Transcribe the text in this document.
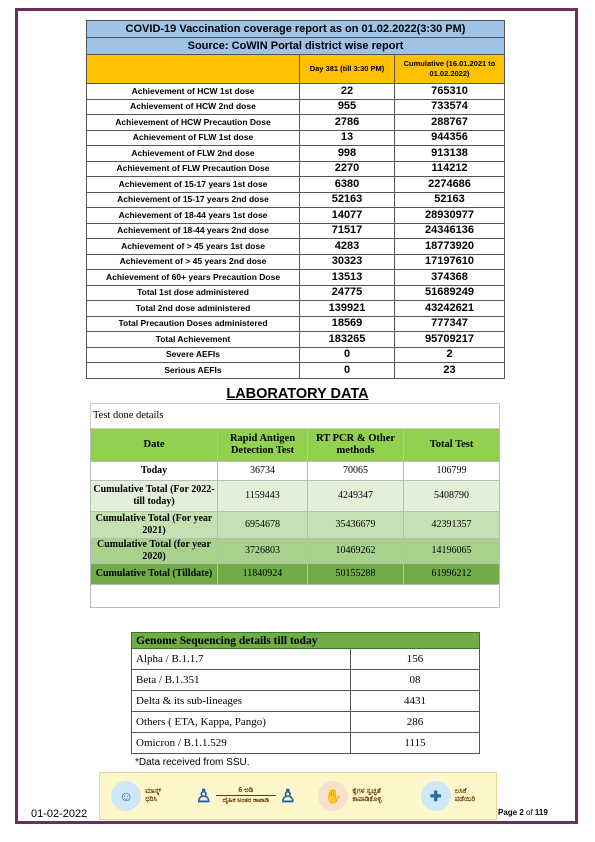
COVID-19 Vaccination coverage report as on 01.02.2022(3:30 PM)		
Source: CoWIN Portal district wise report		
	Day 381 (till 3:30 PM)	Cumulative (16.01.2021 to 01.02.2022)
Achievement of HCW 1st dose	22	765310
Achievement of HCW 2nd dose	955	733574
Achievement of HCW Precaution Dose	2786	288767
Achievement of FLW 1st dose	13	944356
Achievement of FLW 2nd dose	998	913138
Achievement of FLW Precaution Dose	2270	114212
Achievement of 15-17 years 1st dose	6380	2274686
Achievement of 15-17 years 2nd dose	52163	52163
Achievement of 18-44 years 1st dose	14077	28930977
Achievement of 18-44 years 2nd dose	71517	24346136
Achievement of > 45 years 1st dose	4283	18773920
Achievement of > 45 years 2nd dose	30323	17197610
Achievement of 60+ years Precaution Dose	13513	374368
Total 1st dose administered	24775	51689249
Total 2nd dose administered	139921	43242621
Total Precaution Doses administered	18569	777347
Total Achievement	183265	95709217
Severe AEFIs	0	2
Serious AEFIs	0	23
LABORATORY DATA
Test done details			
Date	Rapid Antigen Detection Test	RT PCR & Other methods	Total Test
Today	36734	70065	106799
Cumulative Total (For 2022- till today)	1159443	4249347	5408790
Cumulative Total (For year 2021)	6954678	35436679	42391357
Cumulative Total (for year 2020)	3726803	10469262	14196065
Cumulative Total (Tilldate)	11840924	50155288	61996212

Genome Sequencing details till today	
Alpha / B.1.1.7	156
Beta / B.1.351	08
Delta & its sub-lineages	4431
Others ( ETA, Kappa, Pango)	286
Omicron / B.1.1.529	1115
*Data received from SSU.
☺	ಮಾಸ್ಕ್ ಧರಿಸಿ	♙	6 ಅಡಿ
ದೈಹಿಕ ಅಂತರ ಕಾಪಾಡಿ ♙	✋	ಕೈಗಳ ಸ್ವಚ್ಛತೆ ಕಾಪಾಡಿಕೊಳ್ಳಿ	✚	ಲಸಿಕೆ ಪಡೆಯಿರಿ
01-02-2022	Page 2 of 119
